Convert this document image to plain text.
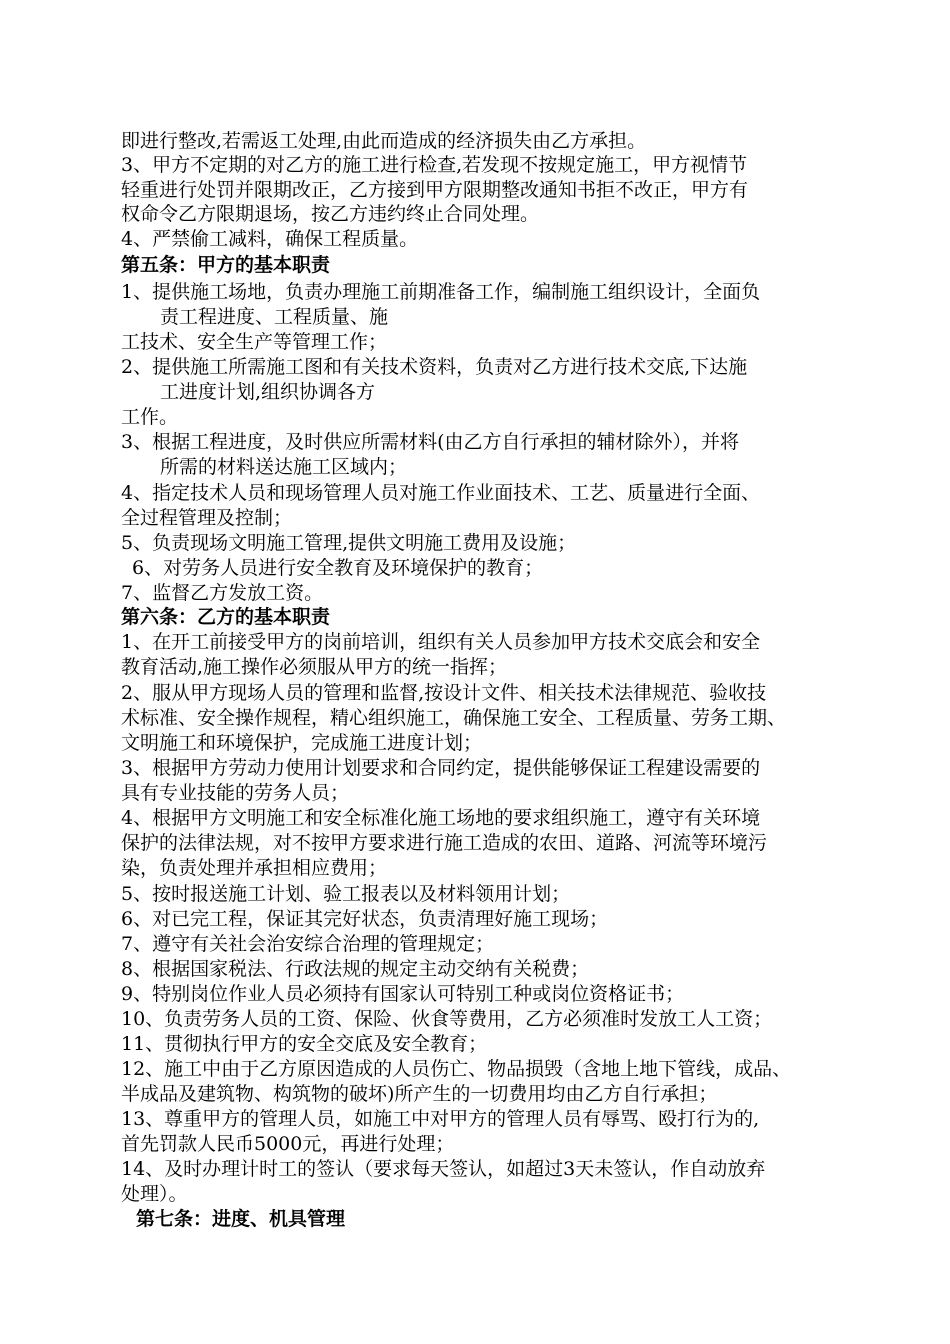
即进行整改,若需返工处理,由此而造成的经济损失由乙方承担。
3、甲方不定期的对乙方的施工进行检查,若发现不按规定施工，甲方视情节
轻重进行处罚并限期改正，乙方接到甲方限期整改通知书拒不改正，甲方有
权命令乙方限期退场，按乙方违约终止合同处理。
4、严禁偷工减料，确保工程质量。
第五条：甲方的基本职责
1、提供施工场地，负责办理施工前期准备工作，编制施工组织设计，全面负
责工程进度、工程质量、施
工技术、安全生产等管理工作；
2、提供施工所需施工图和有关技术资料，负责对乙方进行技术交底,下达施
工进度计划,组织协调各方
工作。
3、根据工程进度，及时供应所需材料(由乙方自行承担的辅材除外），并将
所需的材料送达施工区域内；
4、指定技术人员和现场管理人员对施工作业面技术、工艺、质量进行全面、
全过程管理及控制；
5、负责现场文明施工管理,提供文明施工费用及设施；
6、对劳务人员进行安全教育及环境保护的教育；
7、监督乙方发放工资。
第六条：乙方的基本职责
1、在开工前接受甲方的岗前培训，组织有关人员参加甲方技术交底会和安全
教育活动,施工操作必须服从甲方的统一指挥；
2、服从甲方现场人员的管理和监督,按设计文件、相关技术法律规范、验收技
术标准、安全操作规程，精心组织施工，确保施工安全、工程质量、劳务工期、
文明施工和环境保护，完成施工进度计划；
3、根据甲方劳动力使用计划要求和合同约定，提供能够保证工程建设需要的
具有专业技能的劳务人员；
4、根据甲方文明施工和安全标准化施工场地的要求组织施工，遵守有关环境
保护的法律法规，对不按甲方要求进行施工造成的农田、道路、河流等环境污
染，负责处理并承担相应费用；
5、按时报送施工计划、验工报表以及材料领用计划；
6、对已完工程，保证其完好状态，负责清理好施工现场；
7、遵守有关社会治安综合治理的管理规定；
8、根据国家税法、行政法规的规定主动交纳有关税费；
9、特别岗位作业人员必须持有国家认可特别工种或岗位资格证书；
10、负责劳务人员的工资、保险、伙食等费用，乙方必须准时发放工人工资；
11、贯彻执行甲方的安全交底及安全教育；
12、施工中由于乙方原因造成的人员伤亡、物品损毁（含地上地下管线，成品、
半成品及建筑物、构筑物的破坏)所产生的一切费用均由乙方自行承担；
13、尊重甲方的管理人员，如施工中对甲方的管理人员有辱骂、殴打行为的,
首先罚款人民币5000元，再进行处理；
14、及时办理计时工的签认（要求每天签认，如超过3天未签认，作自动放弃
处理）。
第七条：进度、机具管理
